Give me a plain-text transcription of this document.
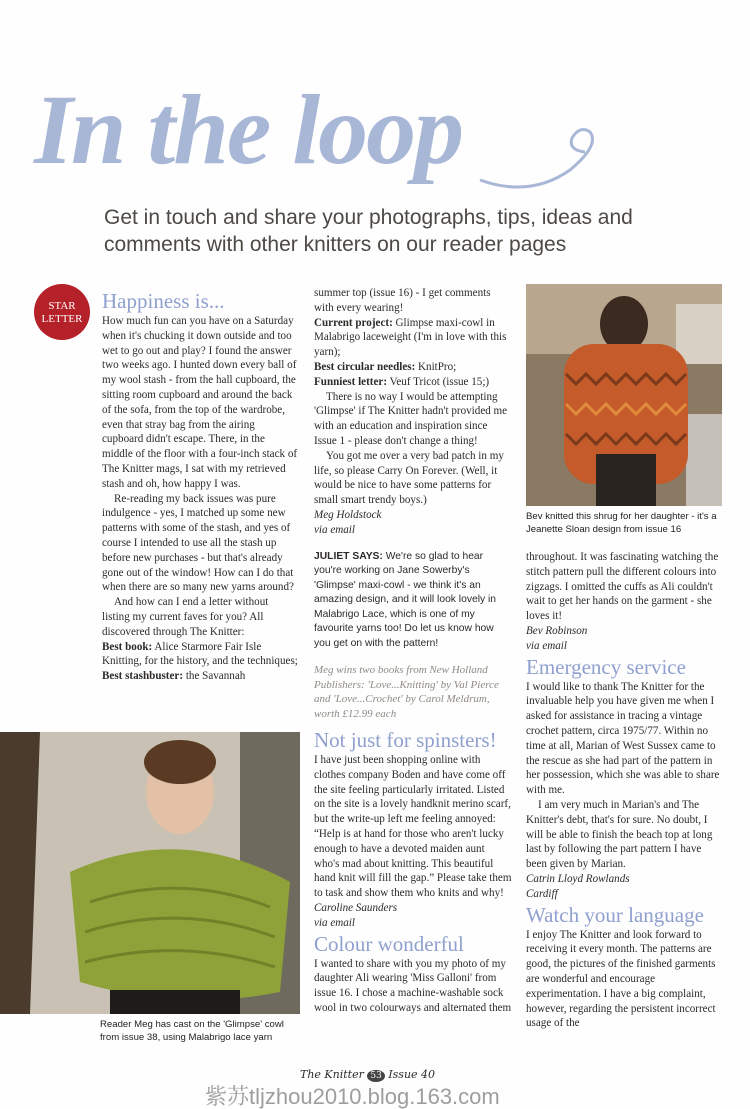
In the loop
Get in touch and share your photographs, tips, ideas and comments with other knitters on our reader pages
STAR
LETTER
Happiness is...

How much fun can you have on a Saturday when it's chucking it down outside and too wet to go out and play? I found the answer two weeks ago. I hunted down every ball of my wool stash - from the hall cupboard, the sitting room cupboard and around the back of the sofa, from the top of the wardrobe, even that stray bag from the airing cupboard didn't escape. There, in the middle of the floor with a four-inch stack of The Knitter mags, I sat with my retrieved stash and oh, how happy I was.

Re-reading my back issues was pure indulgence - yes, I matched up some new patterns with some of the stash, and yes of course I intended to use all the stash up before new purchases - but that's already gone out of the window! How can I do that when there are so many new yarns around?

And how can I end a letter without listing my current faves for you? All discovered through The Knitter:

Best book: Alice Starmore Fair Isle Knitting, for the history, and the techniques;

Best stashbuster: the Savannah

summer top (issue 16) - I get comments with every wearing!

Current project: Glimpse maxi-cowl in Malabrigo laceweight (I'm in love with this yarn);

Best circular needles: KnitPro;

Funniest letter: Veuf Tricot (issue 15;)

There is no way I would be attempting 'Glimpse' if The Knitter hadn't provided me with an education and inspiration since Issue 1 - please don't change a thing!

You got me over a very bad patch in my life, so please Carry On Forever. (Well, it would be nice to have some patterns for small smart trendy boys.)

Meg Holdstock

via email

JULIET SAYS: We're so glad to hear you're working on Jane Sowerby's 'Glimpse' maxi-cowl - we think it's an amazing design, and it will look lovely in Malabrigo Lace, which is one of my favourite yarns too! Do let us know how you get on with the pattern!

Meg wins two books from New Holland Publishers: 'Love...Knitting' by Val Pierce and 'Love...Crochet' by Carol Meldrum, worth £12.99 each

Not just for spinsters!

I have just been shopping online with clothes company Boden and have come off the site feeling particularly irritated. Listed on the site is a lovely handknit merino scarf, but the write-up left me feeling annoyed: “Help is at hand for those who aren't lucky enough to have a devoted maiden aunt who's mad about knitting. This beautiful hand knit will fill the gap.” Please take them to task and show them who knits and why!

Caroline Saunders

via email

Colour wonderful

I wanted to share with you my photo of my daughter Ali wearing 'Miss Galloni' from issue 16. I chose a machine-washable sock wool in two colourways and alternated them

throughout. It was fascinating watching the stitch pattern pull the different colours into zigzags. I omitted the cuffs as Ali couldn't wait to get her hands on the garment - she loves it!

Bev Robinson

via email

Emergency service

I would like to thank The Knitter for the invaluable help you have given me when I asked for assistance in tracing a vintage crochet pattern, circa 1975/77. Within no time at all, Marian of West Sussex came to the rescue as she had part of the pattern in her possession, which she was able to share with me.

I am very much in Marian's and The Knitter's debt, that's for sure. No doubt, I will be able to finish the beach top at long last by following the part pattern I have been given by Marian.

Catrin Lloyd Rowlands

Cardiff

Watch your language

I enjoy The Knitter and look forward to receiving it every month. The patterns are good, the pictures of the finished garments are wonderful and encourage experimentation. I have a big complaint, however, regarding the persistent incorrect usage of the

Bev knitted this shrug for her daughter - it's a Jeanette Sloan design from issue 16
Reader Meg has cast on the 'Glimpse' cowl from issue 38, using Malabrigo lace yarn
The Knitter 53 Issue 40
紫苏tljzhou2010.blog.163.com
